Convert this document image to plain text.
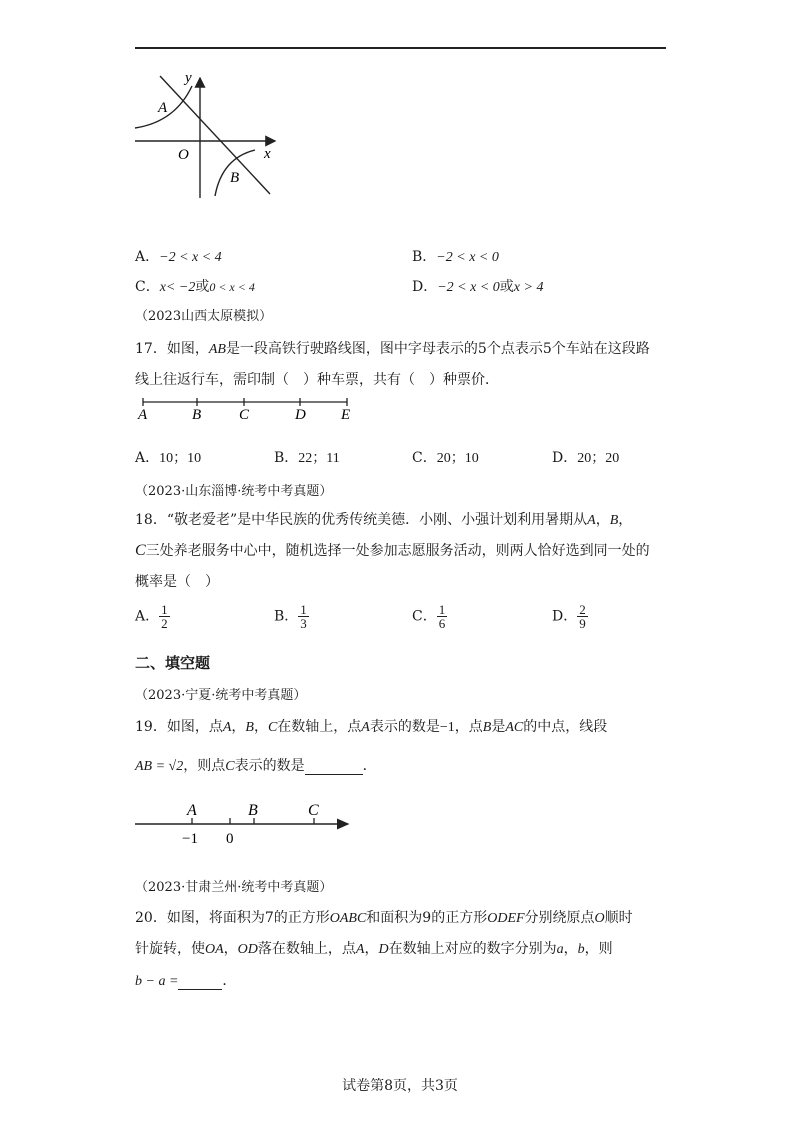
y
x
O
A
B
A．−2 < x < 4	B．−2 < x < 0
C．x< −2或0 < x < 4	D．−2 < x < 0或x > 4
（2023山西太原模拟）
17．如图，AB是一段高铁行驶路线图，图中字母表示的5个点表示5个车站在这段路
线上往返行车，需印制（　）种车票，共有（　）种票价．
A	B	C	D E
A．10；10	B．22；11	C．20；10	D．20；20
（2023·山东淄博·统考中考真题）
18．“敬老爱老”是中华民族的优秀传统美德．小刚、小强计划利用暑期从A，B，
C三处养老服务中心中，随机选择一处参加志愿服务活动，则两人恰好选到同一处的
概率是（　）
A． $\frac{1}{2}$	B． $\frac{1}{3}$	C． $\frac{1}{6}$	D． $\frac{2}{9}$
二、填空题
（2023·宁夏·统考中考真题）
19．如图，点A，B，C在数轴上，点A表示的数是−1，点B是AC的中点，线段
AB = √2，则点C表示的数是	．
A	B	C
−1 0
（2023·甘肃兰州·统考中考真题）
20．如图，将面积为7的正方形OABC和面积为9的正方形ODEF分别绕原点O顺时
针旋转，使OA，OD落在数轴上，点A，D在数轴上对应的数字分别为a，b，则
b − a =	．
试卷第8页，共3页
